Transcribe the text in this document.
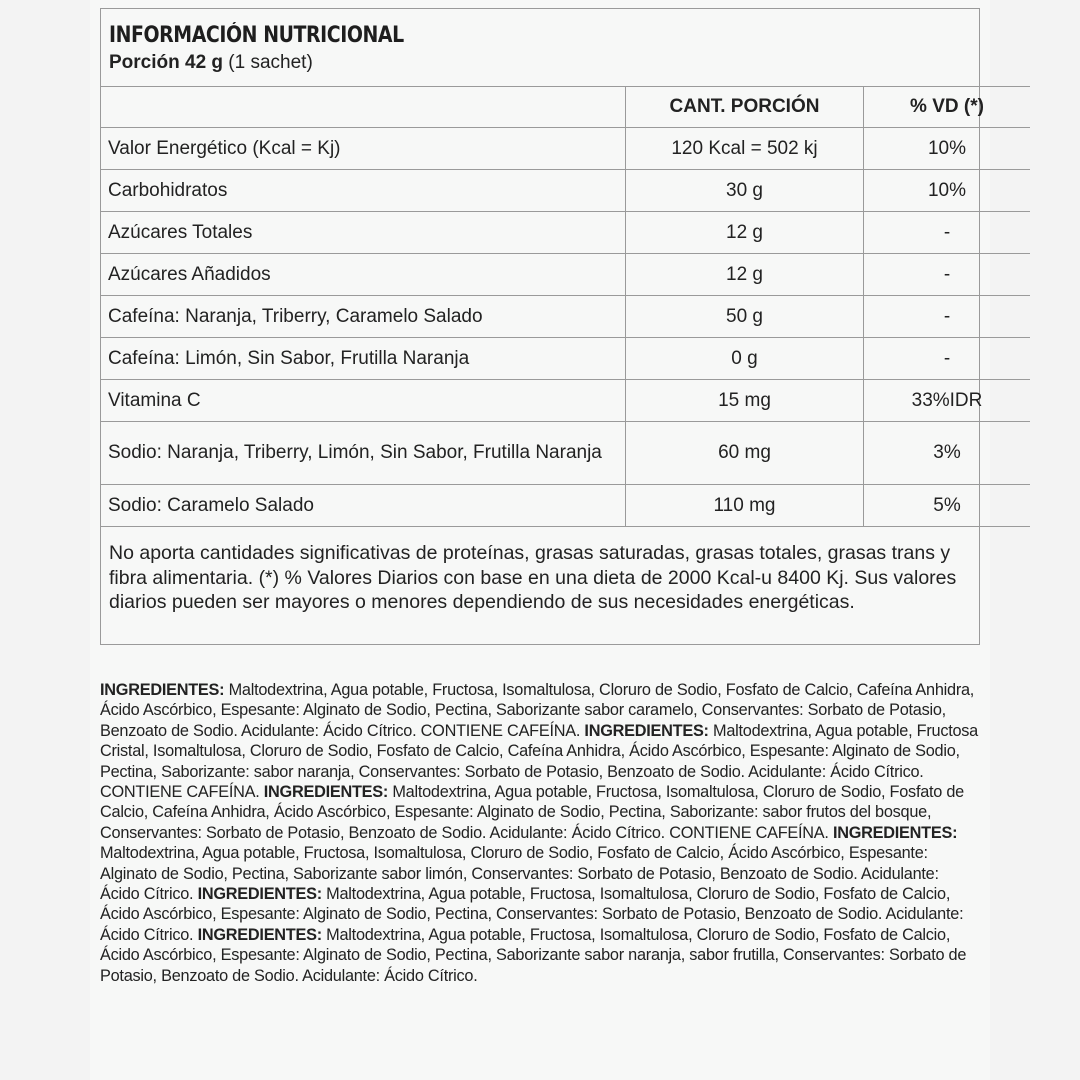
INFORMACIÓN NUTRICIONAL
Porción 42 g (1 sachet)
	CANT. PORCIÓN	% VD (*)
Valor Energético (Kcal = Kj)	120 Kcal = 502 kj	10%
Carbohidratos	30 g	10%
Azúcares Totales	12 g	-
Azúcares Añadidos	12 g	-
Cafeína: Naranja, Triberry, Caramelo Salado	50 g	-
Cafeína: Limón, Sin Sabor, Frutilla Naranja	0 g	-
Vitamina C	15 mg	33%IDR
Sodio: Naranja, Triberry, Limón, Sin Sabor, Frutilla Naranja	60 mg	3%
Sodio: Caramelo Salado	110 mg	5%
No aporta cantidades significativas de proteínas, grasas saturadas, grasas totales, grasas trans y fibra alimentaria. (*) % Valores Diarios con base en una dieta de 2000 Kcal-u 8400 Kj. Sus valores diarios pueden ser mayores o menores dependiendo de sus necesidades energéticas.
INGREDIENTES: Maltodextrina, Agua potable, Fructosa, Isomaltulosa, Cloruro de Sodio, Fosfato de Calcio, Cafeína Anhidra, Ácido Ascórbico, Espesante: Alginato de Sodio, Pectina, Saborizante sabor caramelo, Conservantes: Sorbato de Potasio, Benzoato de Sodio. Acidulante: Ácido Cítrico. CONTIENE CAFEÍNA. INGREDIENTES: Maltodextrina, Agua potable, Fructosa Cristal, Isomaltulosa, Cloruro de Sodio, Fosfato de Calcio, Cafeína Anhidra, Ácido Ascórbico, Espesante: Alginato de Sodio, Pectina, Saborizante: sabor naranja, Conservantes: Sorbato de Potasio, Benzoato de Sodio. Acidulante: Ácido Cítrico. CONTIENE CAFEÍNA. INGREDIENTES: Maltodextrina, Agua potable, Fructosa, Isomaltulosa, Cloruro de Sodio, Fosfato de Calcio, Cafeína Anhidra, Ácido Ascórbico, Espesante: Alginato de Sodio, Pectina, Saborizante: sabor frutos del bosque, Conservantes: Sorbato de Potasio, Benzoato de Sodio. Acidulante: Ácido Cítrico. CONTIENE CAFEÍNA. INGREDIENTES: Maltodextrina, Agua potable, Fructosa, Isomaltulosa, Cloruro de Sodio, Fosfato de Calcio, Ácido Ascórbico, Espesante: Alginato de Sodio, Pectina, Saborizante sabor limón, Conservantes: Sorbato de Potasio, Benzoato de Sodio. Acidulante: Ácido Cítrico. INGREDIENTES: Maltodextrina, Agua potable, Fructosa, Isomaltulosa, Cloruro de Sodio, Fosfato de Calcio, Ácido Ascórbico, Espesante: Alginato de Sodio, Pectina, Conservantes: Sorbato de Potasio, Benzoato de Sodio. Acidulante: Ácido Cítrico. INGREDIENTES: Maltodextrina, Agua potable, Fructosa, Isomaltulosa, Cloruro de Sodio, Fosfato de Calcio, Ácido Ascórbico, Espesante: Alginato de Sodio, Pectina, Saborizante sabor naranja, sabor frutilla, Conservantes: Sorbato de Potasio, Benzoato de Sodio. Acidulante: Ácido Cítrico.
